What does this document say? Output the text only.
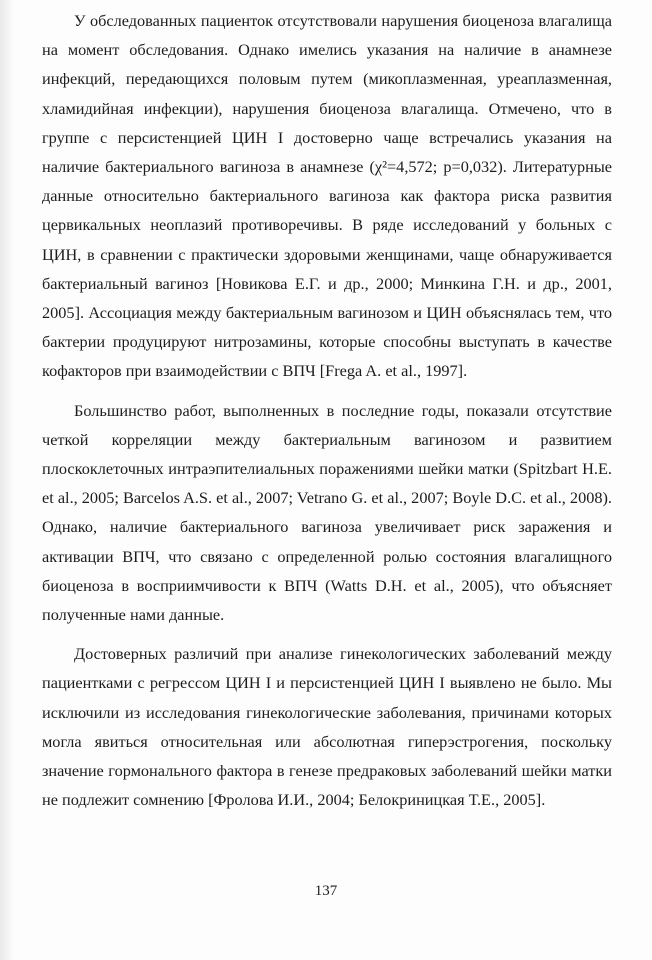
У обследованных пациенток отсутствовали нарушения биоценоза влагалища на момент обследования. Однако имелись указания на наличие в анамнезе инфекций, передающихся половым путем (микоплазменная, уреаплазменная, хламидийная инфекции), нарушения биоценоза влагалища. Отмечено, что в группе с персистенцией ЦИН I достоверно чаще встречались указания на наличие бактериального вагиноза в анамнезе (χ²=4,572; p=0,032). Литературные данные относительно бактериального вагиноза как фактора риска развития цервикальных неоплазий противоречивы. В ряде исследований у больных с ЦИН, в сравнении с практически здоровыми женщинами, чаще обнаруживается бактериальный вагиноз [Новикова Е.Г. и др., 2000; Минкина Г.Н. и др., 2001, 2005]. Ассоциация между бактериальным вагинозом и ЦИН объяснялась тем, что бактерии продуцируют нитрозамины, которые способны выступать в качестве кофакторов при взаимодействии с ВПЧ [Frega A. et al., 1997].

Большинство работ, выполненных в последние годы, показали отсутствие четкой корреляции между бактериальным вагинозом и развитием плоскоклеточных интраэпителиальных поражениями шейки матки (Spitzbart H.E. et al., 2005; Barcelos A.S. et al., 2007; Vetrano G. et al., 2007; Boyle D.C. et al., 2008). Однако, наличие бактериального вагиноза увеличивает риск заражения и активации ВПЧ, что связано с определенной ролью состояния влагалищного биоценоза в восприимчивости к ВПЧ (Watts D.H. et al., 2005), что объясняет полученные нами данные.

Достоверных различий при анализе гинекологических заболеваний между пациентками с регрессом ЦИН I и персистенцией ЦИН I выявлено не было. Мы исключили из исследования гинекологические заболевания, причинами которых могла явиться относительная или абсолютная гиперэстрогения, поскольку значение гормонального фактора в генезе предраковых заболеваний шейки матки не подлежит сомнению [Фролова И.И., 2004; Белокриницкая Т.Е., 2005].

137
